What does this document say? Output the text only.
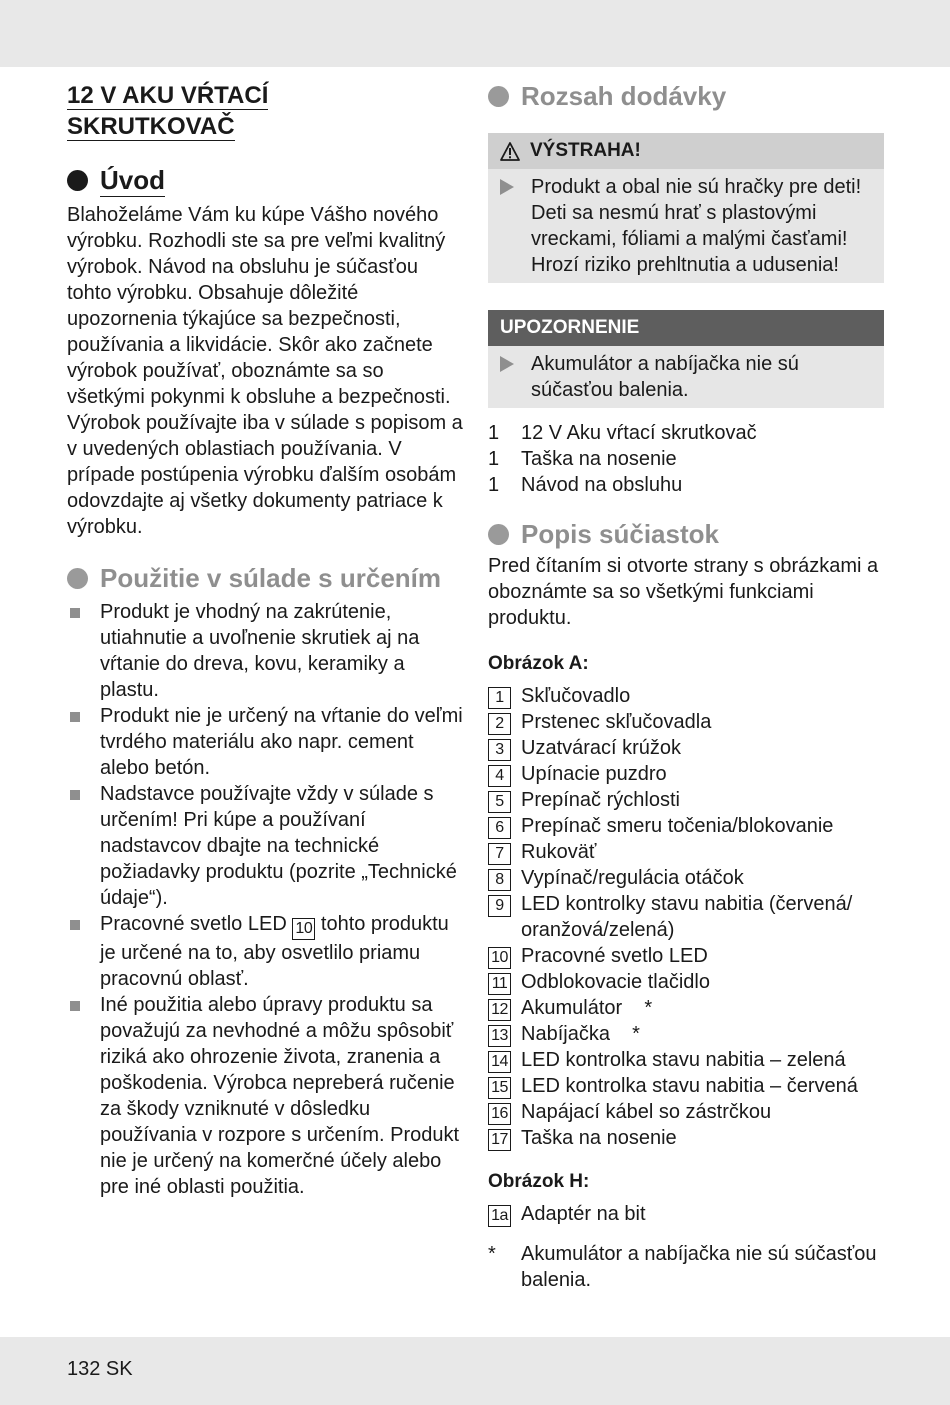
12 V AKU VŔTACÍ
SKRUTKOVAČ
Úvod

Blahoželáme Vám ku kúpe Vášho nového výrobku. Rozhodli ste sa pre veľmi kvalitný výrobok. Návod na obsluhu je súčasťou tohto výrobku. Obsahuje dôležité upozornenia týkajúce sa bezpečnosti, používania a likvidácie. Skôr ako začnete výrobok používať, oboznámte sa so všetkými pokynmi k obsluhe a bezpečnosti. Výrobok používajte iba v súlade s popisom a v uvedených oblastiach používania. V prípade postúpenia výrobku ďalším osobám odovzdajte aj všetky dokumenty patriace k výrobku.

Použitie v súlade s určením
Produkt je vhodný na zakrútenie, utiahnutie a uvoľnenie skrutiek aj na vŕtanie do dreva, kovu, keramiky a plastu.
Produkt nie je určený na vŕtanie do veľmi tvrdého materiálu ako napr. cement alebo betón.
Nadstavce používajte vždy v súlade s určením! Pri kúpe a používaní nadstavcov dbajte na technické požiadavky produktu (pozrite „Technické údaje“).
Pracovné svetlo LED 10 tohto produktu je určené na to, aby osvetlilo priamu pracovnú oblasť.
Iné použitia alebo úpravy produktu sa považujú za nevhodné a môžu spôsobiť riziká ako ohrozenie života, zranenia a poškodenia. Výrobca nepreberá ručenie za škody vzniknuté v dôsledku používania v rozpore s určením. Produkt nie je určený na komerčné účely alebo pre iné oblasti použitia.
Rozsah dodávky
VÝSTRAHA!
Produkt a obal nie sú hračky pre deti! Deti sa nesmú hrať s plastovými vreckami, fóliami a malými časťami! Hrozí riziko prehltnutia a udusenia!
UPOZORNENIE
Akumulátor a nabíjačka nie sú súčasťou balenia.
1	12 V Aku vŕtací skrutkovač
1	Taška na nosenie
1	Návod na obsluhu
Popis súčiastok

Pred čítaním si otvorte strany s obrázkami a oboznámte sa so všetkými funkciami produktu.

Obrázok A:

1 Skľučovadlo
2 Prstenec skľučovadla
3 Uzatvárací krúžok
4 Upínacie puzdro
5 Prepínač rýchlosti
6 Prepínač smeru točenia/blokovanie
7 Rukoväť
8 Vypínač/regulácia otáčok
9 LED kontrolky stavu nabitia (červená/ oranžová/zelená)
10 Pracovné svetlo LED
11 Odblokovacie tlačidlo
12 Akumulátor    *
13 Nabíjačka    *
14 LED kontrolka stavu nabitia – zelená
15 LED kontrolka stavu nabitia – červená
16 Napájací kábel so zástrčkou
17 Taška na nosenie

Obrázok H:

1a Adaptér na bit
*	Akumulátor a nabíjačka nie sú súčasťou balenia.
132 SK
